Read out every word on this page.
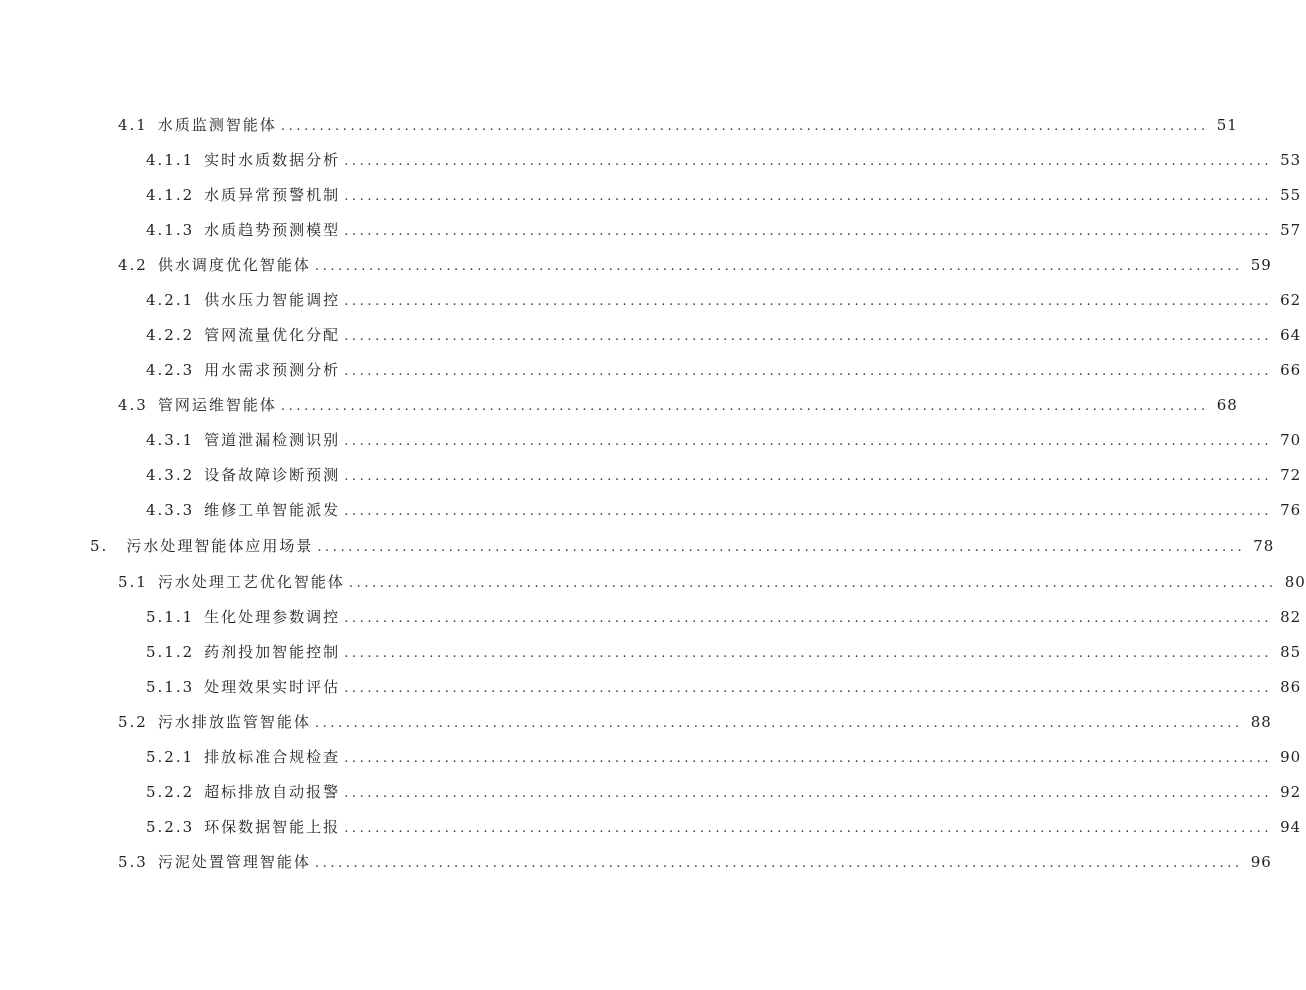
4.1 水质监测智能体 ........................................................................................................................ 51
4.1.1 实时水质数据分析 ........................................................................................................................ 53
4.1.2 水质异常预警机制 ........................................................................................................................ 55
4.1.3 水质趋势预测模型 ........................................................................................................................ 57
4.2 供水调度优化智能体 ........................................................................................................................ 59
4.2.1 供水压力智能调控 ........................................................................................................................ 62
4.2.2 管网流量优化分配 ........................................................................................................................ 64
4.2.3 用水需求预测分析 ........................................................................................................................ 66
4.3 管网运维智能体 ........................................................................................................................ 68
4.3.1 管道泄漏检测识别 ........................................................................................................................ 70
4.3.2 设备故障诊断预测 ........................................................................................................................ 72
4.3.3 维修工单智能派发 ........................................................................................................................ 76
5. 污水处理智能体应用场景 ........................................................................................................................ 78
5.1 污水处理工艺优化智能体 ........................................................................................................................ 80
5.1.1 生化处理参数调控 ........................................................................................................................ 82
5.1.2 药剂投加智能控制 ........................................................................................................................ 85
5.1.3 处理效果实时评估 ........................................................................................................................ 86
5.2 污水排放监管智能体 ........................................................................................................................ 88
5.2.1 排放标准合规检查 ........................................................................................................................ 90
5.2.2 超标排放自动报警 ........................................................................................................................ 92
5.2.3 环保数据智能上报 ........................................................................................................................ 94
5.3 污泥处置管理智能体 ........................................................................................................................ 96
